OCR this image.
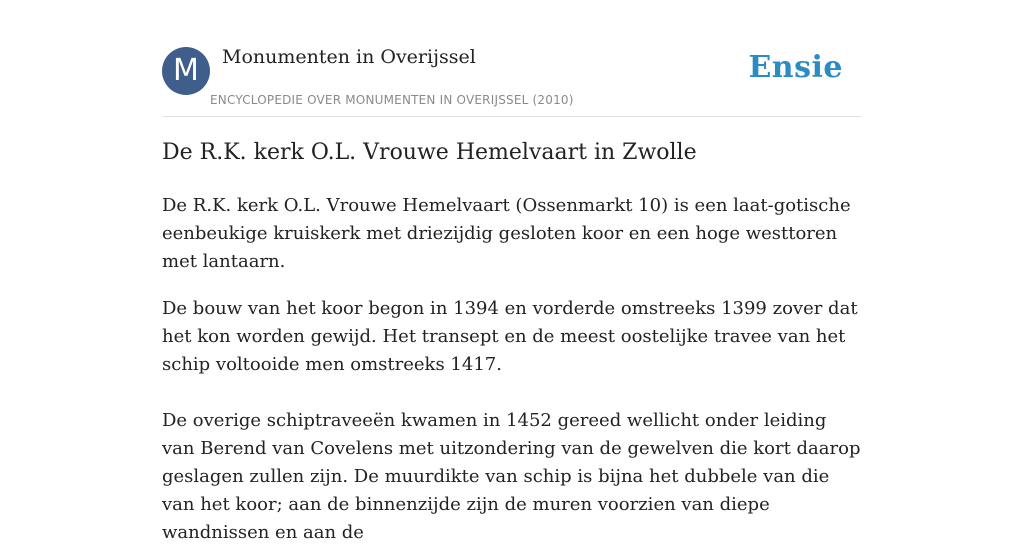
M	Monumenten in Overijssel
ENCYCLOPEDIE OVER MONUMENTEN IN OVERIJSSEL (2010)
Ensie
De R.K. kerk O.L. Vrouwe Hemelvaart in Zwolle

De R.K. kerk O.L. Vrouwe Hemelvaart (Ossenmarkt 10) is een laat-gotische eenbeukige kruiskerk met driezijdig gesloten koor en een hoge westtoren met lantaarn.

De bouw van het koor begon in 1394 en vorderde omstreeks 1399 zover dat het kon worden gewijd. Het transept en de meest oostelijke travee van het schip voltooide men omstreeks 1417.

De overige schiptraveeën kwamen in 1452 gereed wellicht onder leiding van Berend van Covelens met uitzondering van de gewelven die kort daarop geslagen zullen zijn. De muurdikte van schip is bijna het dubbele van die van het koor; aan de binnenzijde zijn de muren voorzien van diepe wandnissen en aan de
